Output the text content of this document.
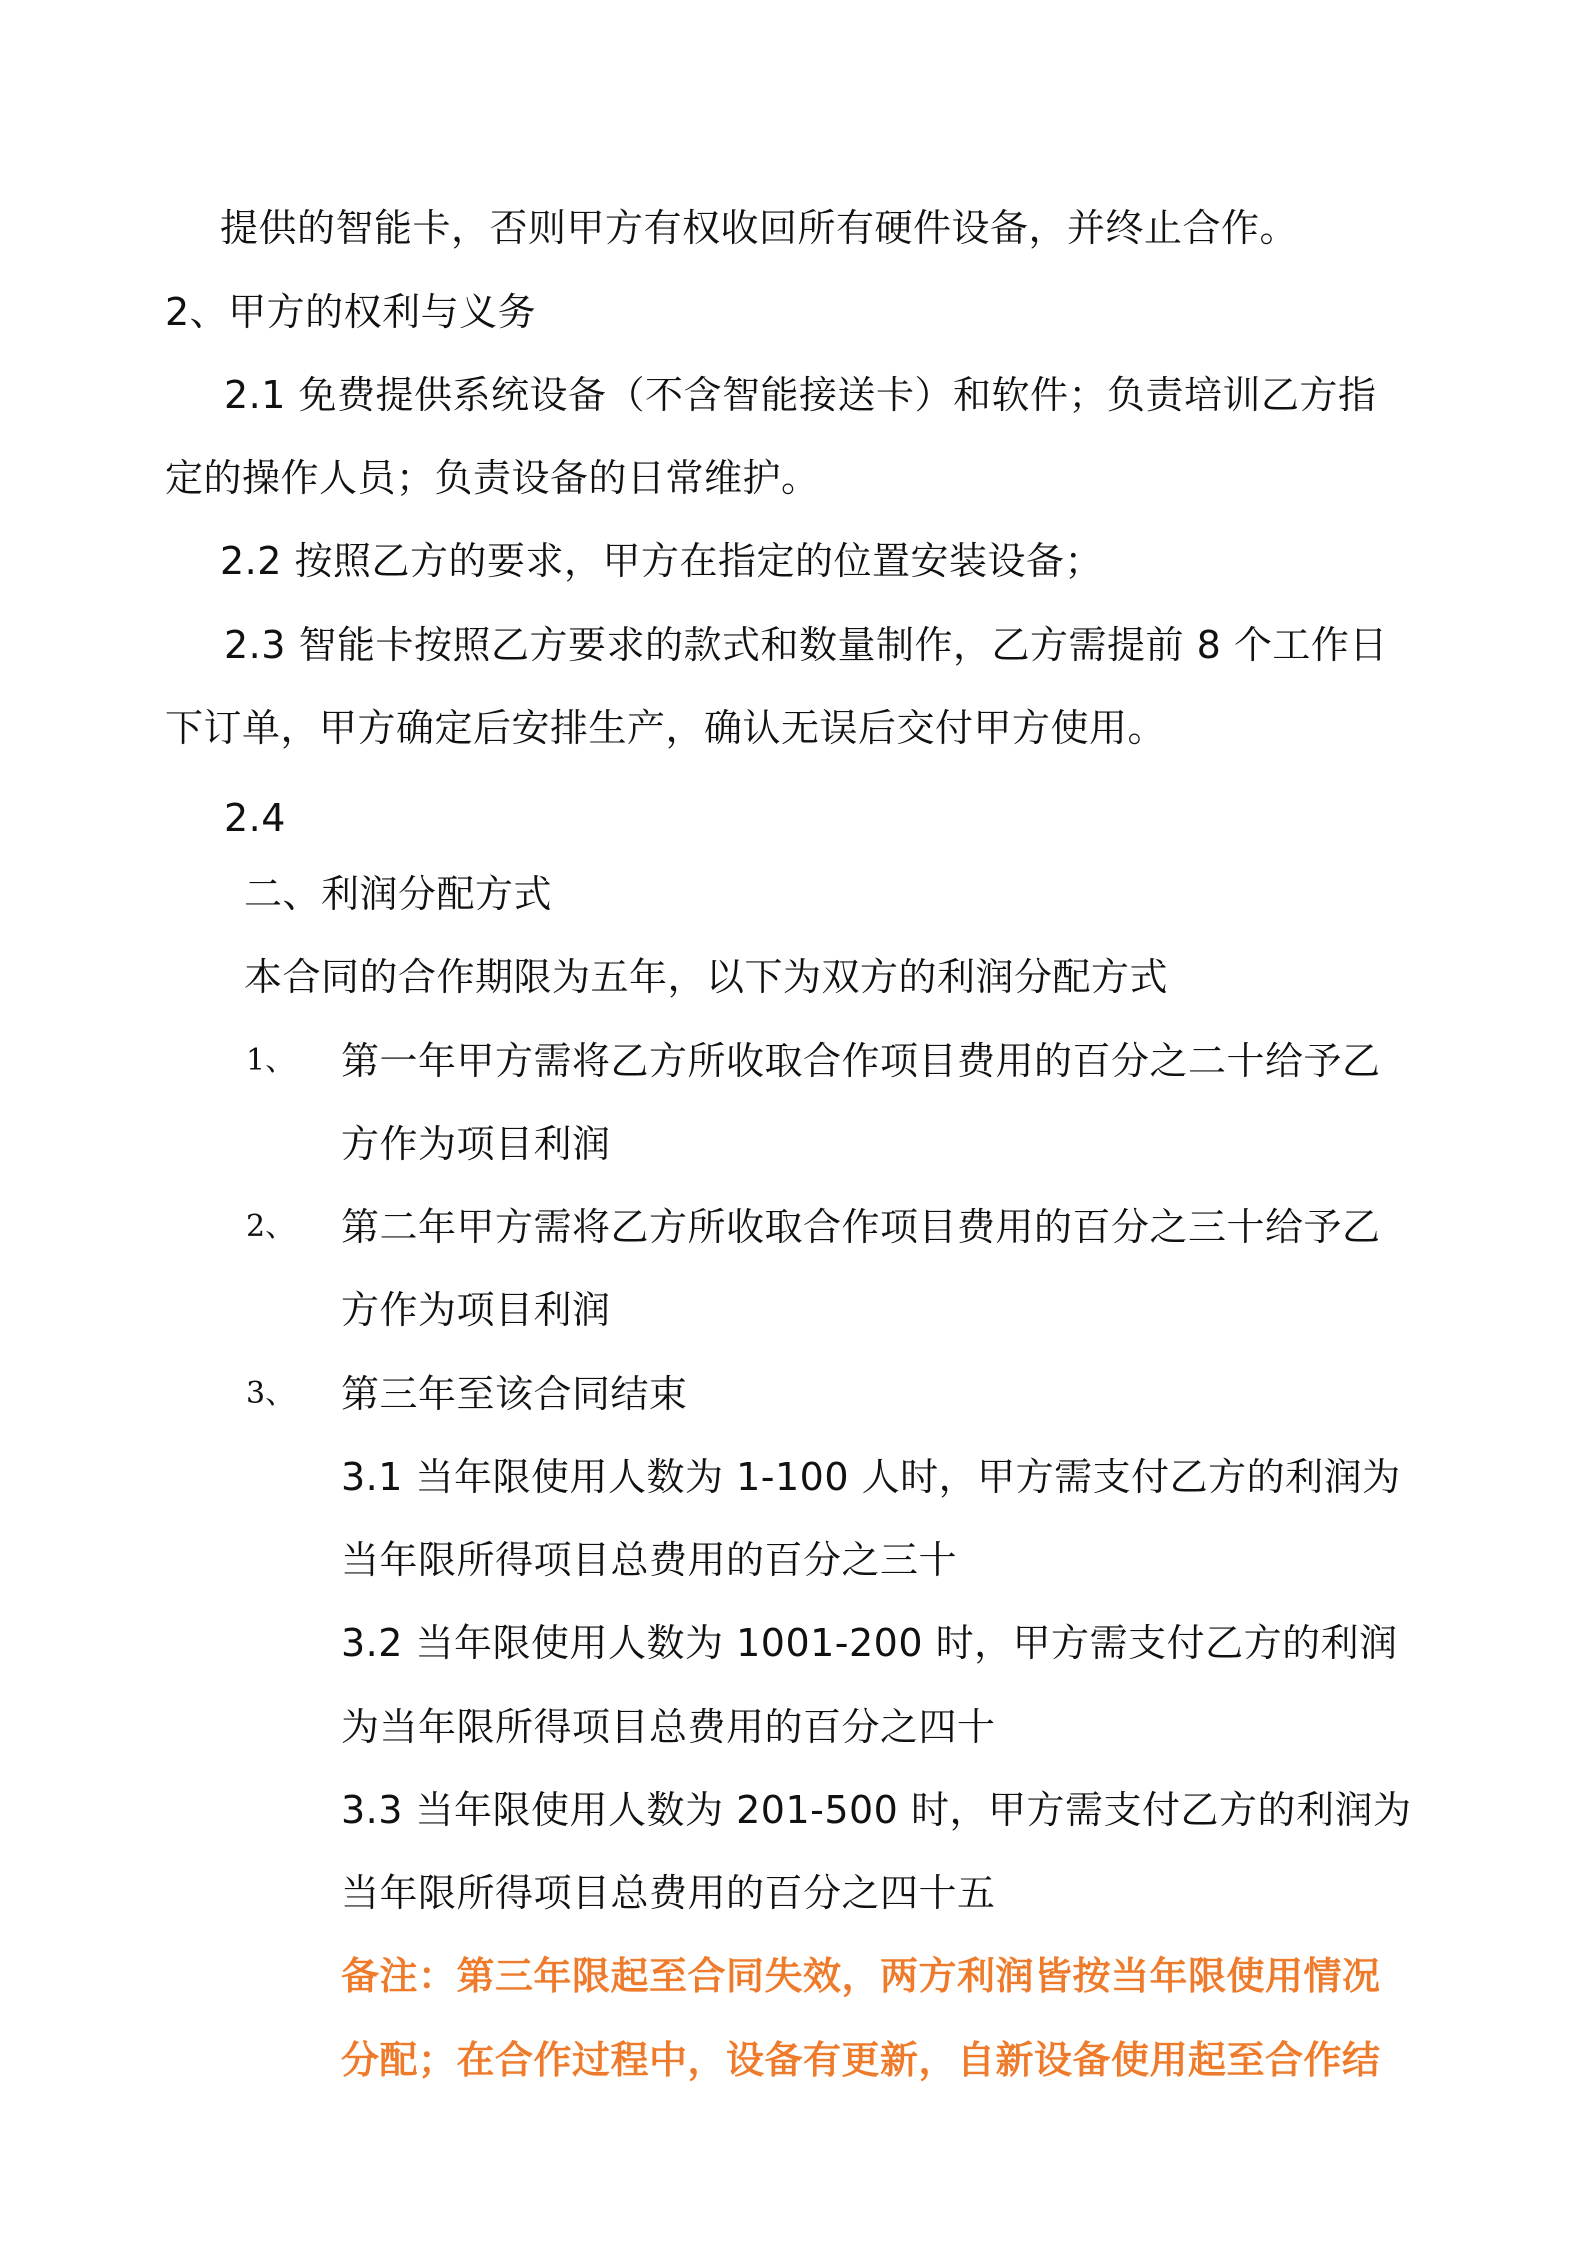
提供的智能卡，否则甲方有权收回所有硬件设备，并终止合作。
2、甲方的权利与义务
2.1 免费提供系统设备（不含智能接送卡）和软件；负责培训乙方指
定的操作人员；负责设备的日常维护。
2.2 按照乙方的要求，甲方在指定的位置安装设备；
2.3 智能卡按照乙方要求的款式和数量制作，乙方需提前 8 个工作日
下订单，甲方确定后安排生产，确认无误后交付甲方使用。
2.4
二、利润分配方式
本合同的合作期限为五年，以下为双方的利润分配方式
1、 第一年甲方需将乙方所收取合作项目费用的百分之二十给予乙
方作为项目利润
2、 第二年甲方需将乙方所收取合作项目费用的百分之三十给予乙
方作为项目利润
3、 第三年至该合同结束
3.1 当年限使用人数为 1-100 人时，甲方需支付乙方的利润为
当年限所得项目总费用的百分之三十
3.2 当年限使用人数为 1001-200 时，甲方需支付乙方的利润
为当年限所得项目总费用的百分之四十
3.3 当年限使用人数为 201-500 时，甲方需支付乙方的利润为
当年限所得项目总费用的百分之四十五
备注：第三年限起至合同失效，两方利润皆按当年限使用情况
分配；在合作过程中，设备有更新，自新设备使用起至合作结
